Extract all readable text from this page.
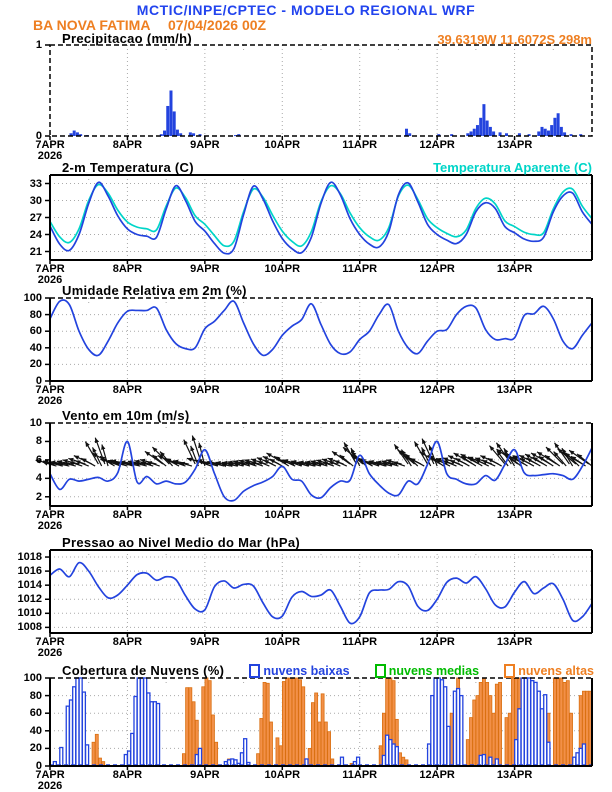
MCTIC/INPE/CPTEC - MODELO REGIONAL WRF
BA NOVA FATIMA 07/04/2026 00Z
39.6319W 11.6072S 298m
Precipitacao (mm/h)
2-m Temperatura (C)	Temperatura Aparente (C)
Umidade Relativa em 2m (%)
Vento em 10m (m/s)
Pressao ao Nivel Medio do Mar (hPa)
Cobertura de Nuvens (%)	nuvens baixas	nuvens medias	nuvens altas
0
1
7APR	8APR	9APR	10APR	11APR	12APR	13APR
2026
21
24
27
30
33
7APR	8APR	9APR	10APR	11APR	12APR	13APR
2026
0
20
40
60
80
100
7APR	8APR	9APR	10APR	11APR	12APR	13APR
2026
2
4
6
8
10
7APR	8APR	9APR	10APR	11APR	12APR	13APR
2026
1008
1010
1012
1014
1016
1018
7APR	8APR	9APR	10APR	11APR	12APR	13APR
2026
0
20
40
60
80
100
7APR	8APR	9APR	10APR	11APR	12APR	13APR
2026
